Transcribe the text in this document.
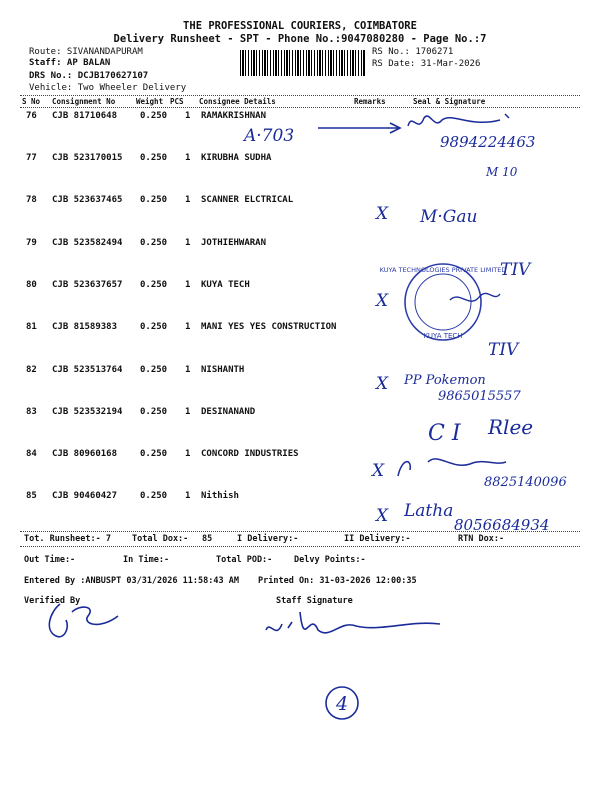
THE PROFESSIONAL COURIERS, COIMBATORE
Delivery Runsheet - SPT - Phone No.:9047080280 - Page No.:7
Route: SIVANANDAPURAM
Staff: AP BALAN
DRS No.: DCJB170627107
Vehicle: Two Wheeler Delivery
RS No.: 1706271
RS Date: 31-Mar-2026
S No Consignment No	Weight PCS Consignee Details	Remarks	Seal & Signature
76 CJB 81710648	0.250 1 RAMAKRISHNAN
77 CJB 523170015 0.250 1 KIRUBHA SUDHA
78 CJB 523637465 0.250 1 SCANNER ELCTRICAL
79 CJB 523582494 0.250 1 JOTHIEHWARAN
80 CJB 523637657 0.250 1 KUYA TECH
81 CJB 81589383	0.250 1 MANI YES YES CONSTRUCTION
82 CJB 523513764 0.250 1 NISHANTH
83 CJB 523532194 0.250 1 DESINANAND
84 CJB 80960168	0.250 1 CONCORD INDUSTRIES
85 CJB 90460427	0.250 1 Nithish
Tot. Runsheet:- 7 Total Dox:- 85	I Delivery:-	II Delivery:-	RTN Dox:-
Out Time:-	In Time:-	Total POD:-	Delvy Points:-
Entered By :ANBUSPT 03/31/2026 11:58:43 AM Printed On: 31-03-2026 12:00:35
Verified By	Staff Signature
A·703	9894224463
M 10
X M·Gau
TIV
X
KUYA TECHNOLOGIES PRIVATE LIMITED
KUYA TECH
TIV
X PP Pokemon
9865015557
C I Rlee
X
8825140096
X Latha
8056684934
4
